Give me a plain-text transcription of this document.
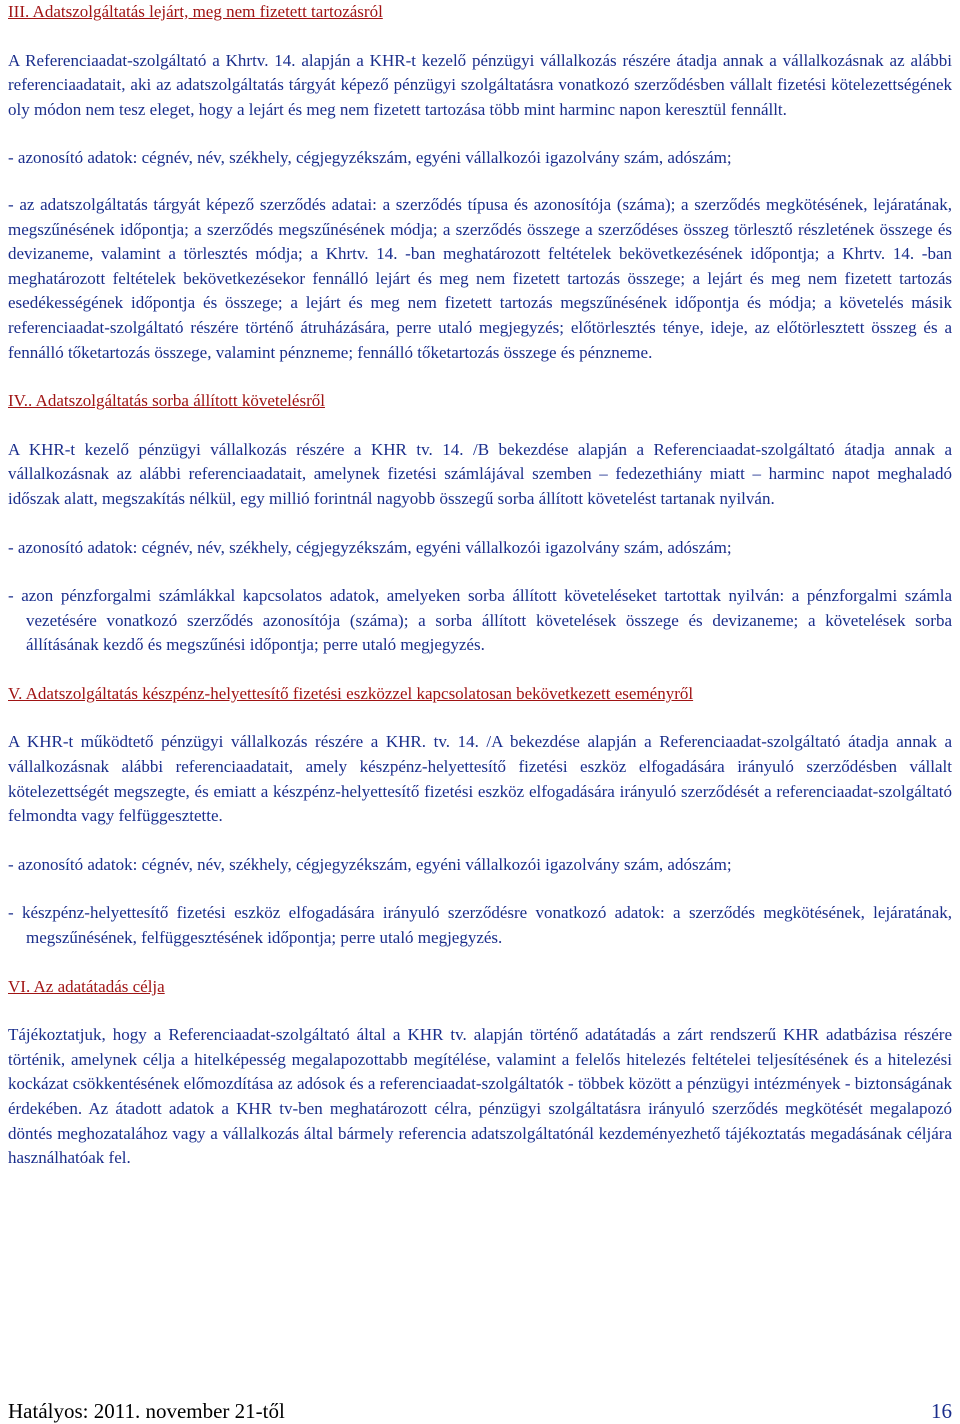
III. Adatszolgáltatás lejárt, meg nem fizetett tartozásról

A Referenciaadat-szolgáltató a Khrtv. 14. alapján a KHR-t kezelő pénzügyi vállalkozás részére átadja annak a vállalkozásnak az alábbi referenciaadatait, aki az adatszolgáltatás tárgyát képező pénzügyi szolgáltatásra vonatkozó szerződésben vállalt fizetési kötelezettségének oly módon nem tesz eleget, hogy a lejárt és meg nem fizetett tartozása több mint harminc napon keresztül fennállt.

- azonosító adatok: cégnév, név, székhely, cégjegyzékszám, egyéni vállalkozói igazolvány szám, adószám;

- az adatszolgáltatás tárgyát képező szerződés adatai: a szerződés típusa és azonosítója (száma); a szerződés megkötésének, lejáratának, megszűnésének időpontja; a szerződés megszűnésének módja; a szerződés összege a szerződéses összeg törlesztő részletének összege és devizaneme, valamint a törlesztés módja; a Khrtv. 14. -ban meghatározott feltételek bekövetkezésének időpontja; a Khrtv. 14. -ban meghatározott feltételek bekövetkezésekor fennálló lejárt és meg nem fizetett tartozás összege; a lejárt és meg nem fizetett tartozás esedékességének időpontja és összege; a lejárt és meg nem fizetett tartozás megszűnésének időpontja és módja; a követelés másik referenciaadat-szolgáltató részére történő átruházására, perre utaló megjegyzés; előtörlesztés ténye, ideje, az előtörlesztett összeg és a fennálló tőketartozás összege, valamint pénzneme; fennálló tőketartozás összege és pénzneme.

IV.. Adatszolgáltatás sorba állított követelésről

A KHR-t kezelő pénzügyi vállalkozás részére a KHR tv. 14. /B bekezdése alapján a Referenciaadat-szolgáltató átadja annak a vállalkozásnak az alábbi referenciaadatait, amelynek fizetési számlájával szemben – fedezethiány miatt – harminc napot meghaladó időszak alatt, megszakítás nélkül, egy millió forintnál nagyobb összegű sorba állított követelést tartanak nyilván.

- azonosító adatok: cégnév, név, székhely, cégjegyzékszám, egyéni vállalkozói igazolvány szám, adószám;

- azon pénzforgalmi számlákkal kapcsolatos adatok, amelyeken sorba állított követeléseket tartottak nyilván: a pénzforgalmi számla vezetésére vonatkozó szerződés azonosítója (száma); a sorba állított követelések összege és devizaneme; a követelések sorba állításának kezdő és megszűnési időpontja; perre utaló megjegyzés.

V. Adatszolgáltatás készpénz-helyettesítő fizetési eszközzel kapcsolatosan bekövetkezett eseményről

A KHR-t működtető pénzügyi vállalkozás részére a KHR. tv. 14. /A bekezdése alapján a Referenciaadat-szolgáltató átadja annak a vállalkozásnak alábbi referenciaadatait, amely készpénz-helyettesítő fizetési eszköz elfogadására irányuló szerződésben vállalt kötelezettségét megszegte, és emiatt a készpénz-helyettesítő fizetési eszköz elfogadására irányuló szerződését a referenciaadat-szolgáltató felmondta vagy felfüggesztette.

- azonosító adatok: cégnév, név, székhely, cégjegyzékszám, egyéni vállalkozói igazolvány szám, adószám;

- készpénz-helyettesítő fizetési eszköz elfogadására irányuló szerződésre vonatkozó adatok: a szerződés megkötésének, lejáratának, megszűnésének, felfüggesztésének időpontja; perre utaló megjegyzés.

VI. Az adatátadás célja

Tájékoztatjuk, hogy a Referenciaadat-szolgáltató által a KHR tv. alapján történő adatátadás a zárt rendszerű KHR adatbázisa részére történik, amelynek célja a hitelképesség megalapozottabb megítélése, valamint a felelős hitelezés feltételei teljesítésének és a hitelezési kockázat csökkentésének előmozdítása az adósok és a referenciaadat-szolgáltatók - többek között a pénzügyi intézmények - biztonságának érdekében. Az átadott adatok a KHR tv-ben meghatározott célra, pénzügyi szolgáltatásra irányuló szerződés megkötését megalapozó döntés meghozatalához vagy a vállalkozás által bármely referencia adatszolgáltatónál kezdeményezhető tájékoztatás megadásának céljára használhatóak fel.

Hatályos: 2011. november 21-től	16
